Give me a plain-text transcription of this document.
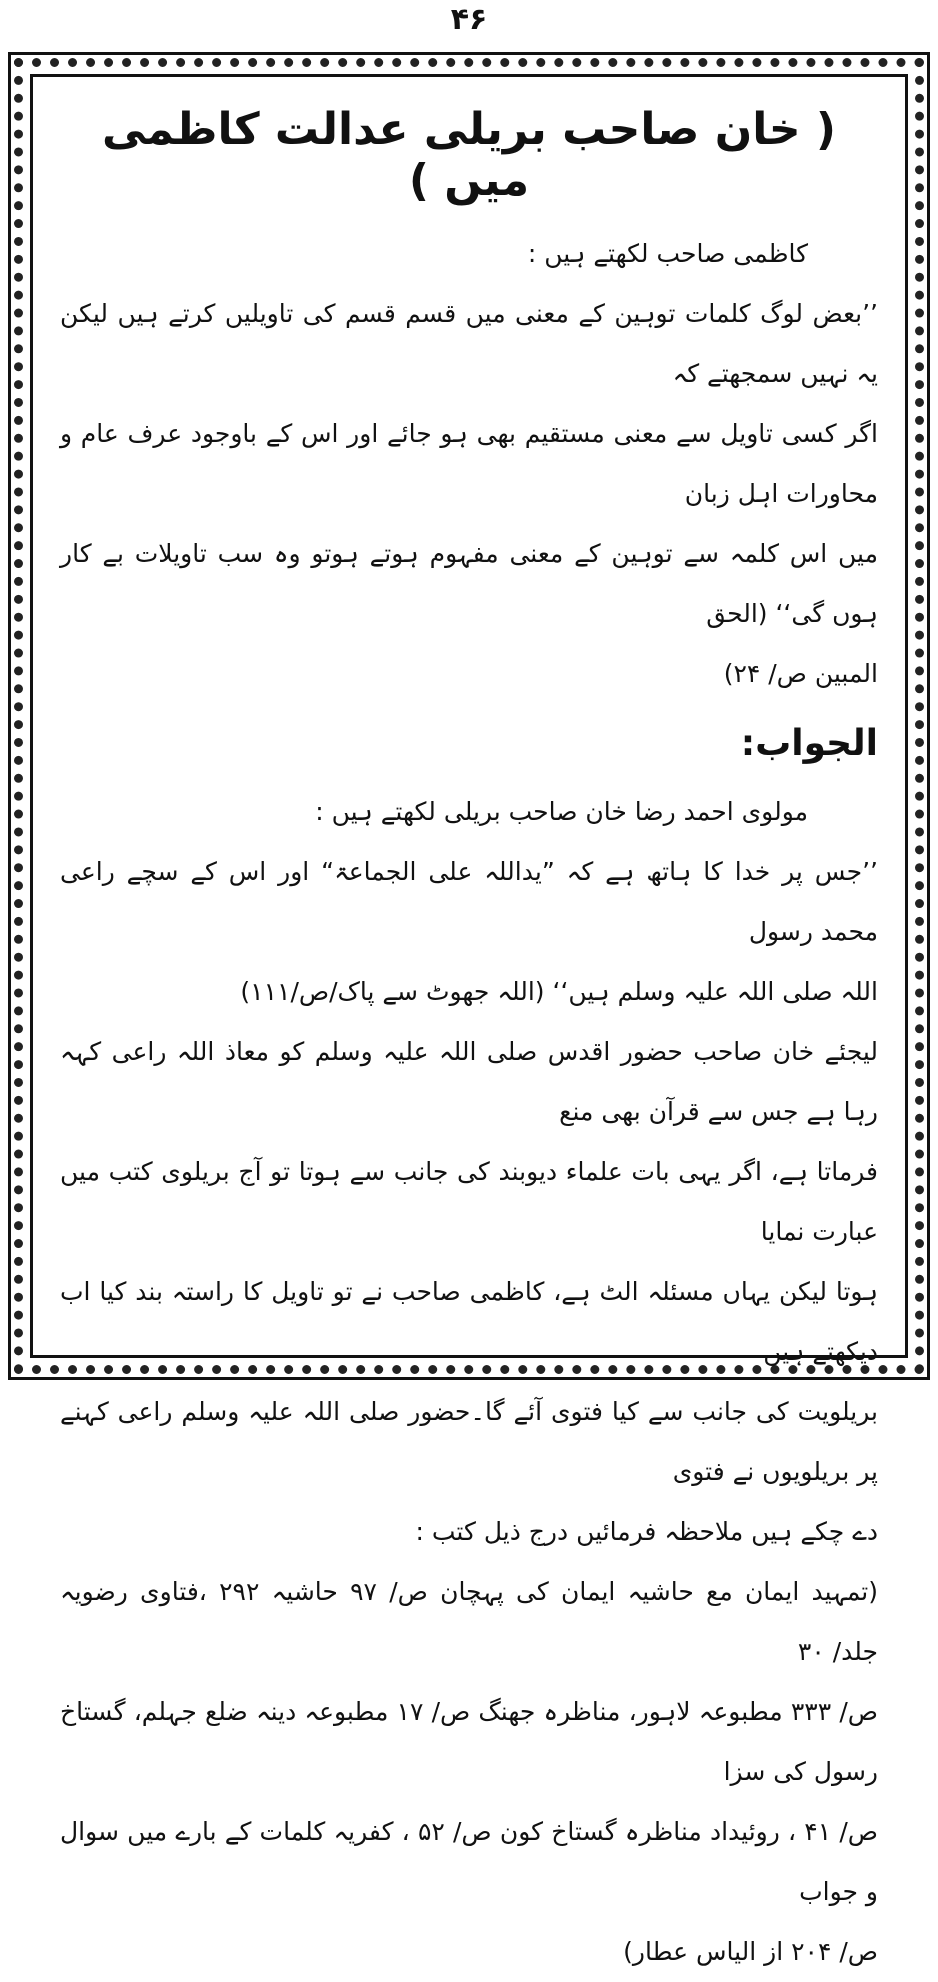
۴۶
( خان صاحب بریلی عدالت کاظمی میں )

کاظمی صاحب لکھتے ہیں :

’’بعض لوگ کلمات توہین کے معنی میں قسم قسم کی تاویلیں کرتے ہیں لیکن یہ نہیں سمجھتے کہ

اگر کسی تاویل سے معنی مستقیم بھی ہو جائے اور اس کے باوجود عرف عام و محاورات اہل زبان

میں اس کلمہ سے توہین کے معنی مفہوم ہوتے ہوتو وہ سب تاویلات بے کار ہوں گی‘‘ (الحق

المبین ص/ ۲۴)

الجواب:

مولوی احمد رضا خان صاحب بریلی لکھتے ہیں :

’’جس پر خدا کا ہاتھ ہے کہ ”یداللہ علی الجماعۃ“ اور اس کے سچے راعی محمد رسول

اللہ صلی اللہ علیہ وسلم ہیں‘‘ (اللہ جھوٹ سے پاک/ص/۱۱۱)

لیجئے خان صاحب حضور اقدس صلی اللہ علیہ وسلم کو معاذ اللہ راعی کہہ رہا ہے جس سے قرآن بھی منع

فرماتا ہے، اگر یہی بات علماء دیوبند کی جانب سے ہوتا تو آج بریلوی کتب میں عبارت نمایا

ہوتا لیکن یہاں مسئلہ الٹ ہے، کاظمی صاحب نے تو تاویل کا راستہ بند کیا اب دیکھتے ہیں

بریلویت کی جانب سے کیا فتوی آئے گا۔حضور صلی اللہ علیہ وسلم راعی کہنے پر بریلویوں نے فتوی

دے چکے ہیں ملاحظہ فرمائیں درج ذیل کتب :

(تمہید ایمان مع حاشیہ ایمان کی پہچان ص/ ۹۷ حاشیہ ۲۹۲ ،فتاوی رضویہ جلد/ ۳۰

ص/ ۳۳۳ مطبوعہ لاہور، مناظرہ جھنگ ص/ ۱۷ مطبوعہ دینہ ضلع جہلم، گستاخ رسول کی سزا

ص/ ۴۱ ، روئیداد مناظرہ گستاخ کون ص/ ۵۲ ، کفریہ کلمات کے بارے میں سوال و جواب

ص/ ۲۰۴ از الیاس عطار)
